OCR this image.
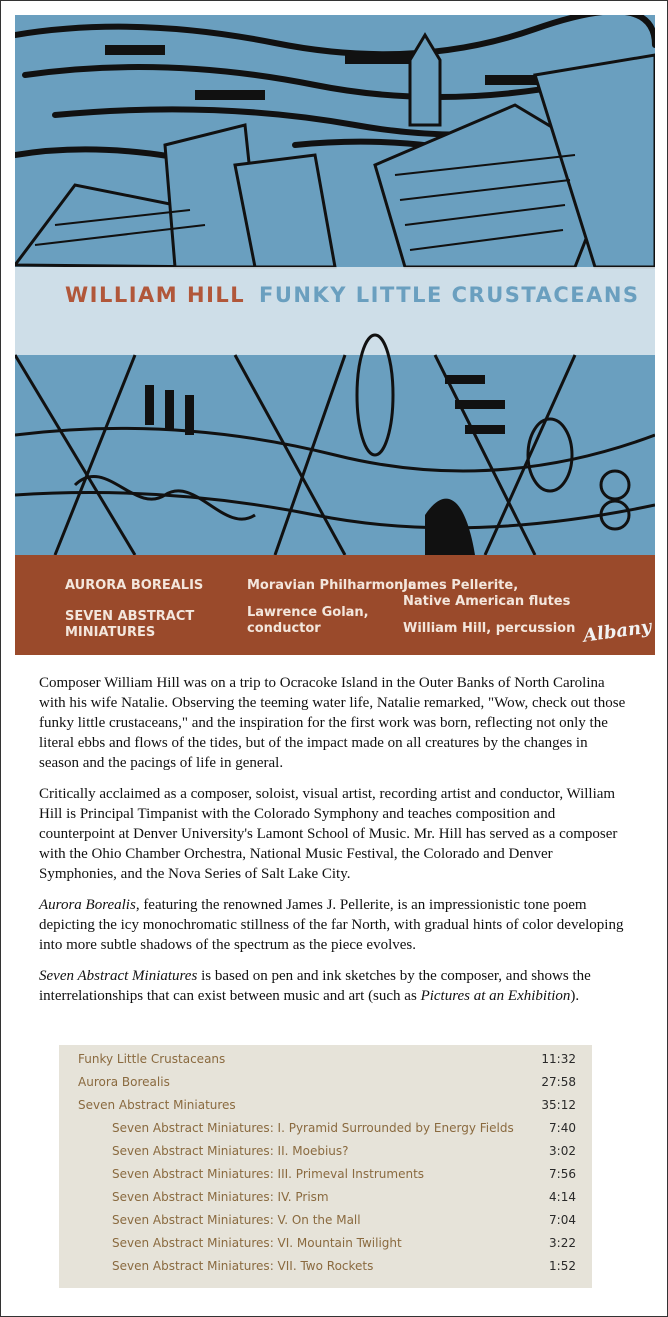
WILLIAM HILL FUNKY LITTLE CRUSTACEANS
AURORA BOREALIS
SEVEN ABSTRACT
MINIATURES
Moravian Philharmonic
Lawrence Golan,
conductor
James Pellerite,
Native American flutes
William Hill, percussion Albany

Composer William Hill was on a trip to Ocracoke Island in the Outer Banks of North Carolina with his wife Natalie. Observing the teeming water life, Natalie remarked, "Wow, check out those funky little crustaceans," and the inspiration for the first work was born, reflecting not only the literal ebbs and flows of the tides, but of the impact made on all creatures by the changes in season and the pacings of life in general.

Critically acclaimed as a composer, soloist, visual artist, recording artist and conductor, William Hill is Principal Timpanist with the Colorado Symphony and teaches composition and counterpoint at Denver University's Lamont School of Music. Mr. Hill has served as a composer with the Ohio Chamber Orchestra, National Music Festival, the Colorado and Denver Symphonies, and the Nova Series of Salt Lake City.

Aurora Borealis, featuring the renowned James J. Pellerite, is an impressionistic tone poem depicting the icy monochromatic stillness of the far North, with gradual hints of color developing into more subtle shadows of the spectrum as the piece evolves.

Seven Abstract Miniatures is based on pen and ink sketches by the composer, and shows the interrelationships that can exist between music and art (such as Pictures at an Exhibition).

Funky Little Crustaceans	11:32
Aurora Borealis	27:58
Seven Abstract Miniatures	35:12
Seven Abstract Miniatures: I. Pyramid Surrounded by Energy Fields	7:40
Seven Abstract Miniatures: II. Moebius?	3:02
Seven Abstract Miniatures: III. Primeval Instruments	7:56
Seven Abstract Miniatures: IV. Prism	4:14
Seven Abstract Miniatures: V. On the Mall	7:04
Seven Abstract Miniatures: VI. Mountain Twilight	3:22
Seven Abstract Miniatures: VII. Two Rockets	1:52
